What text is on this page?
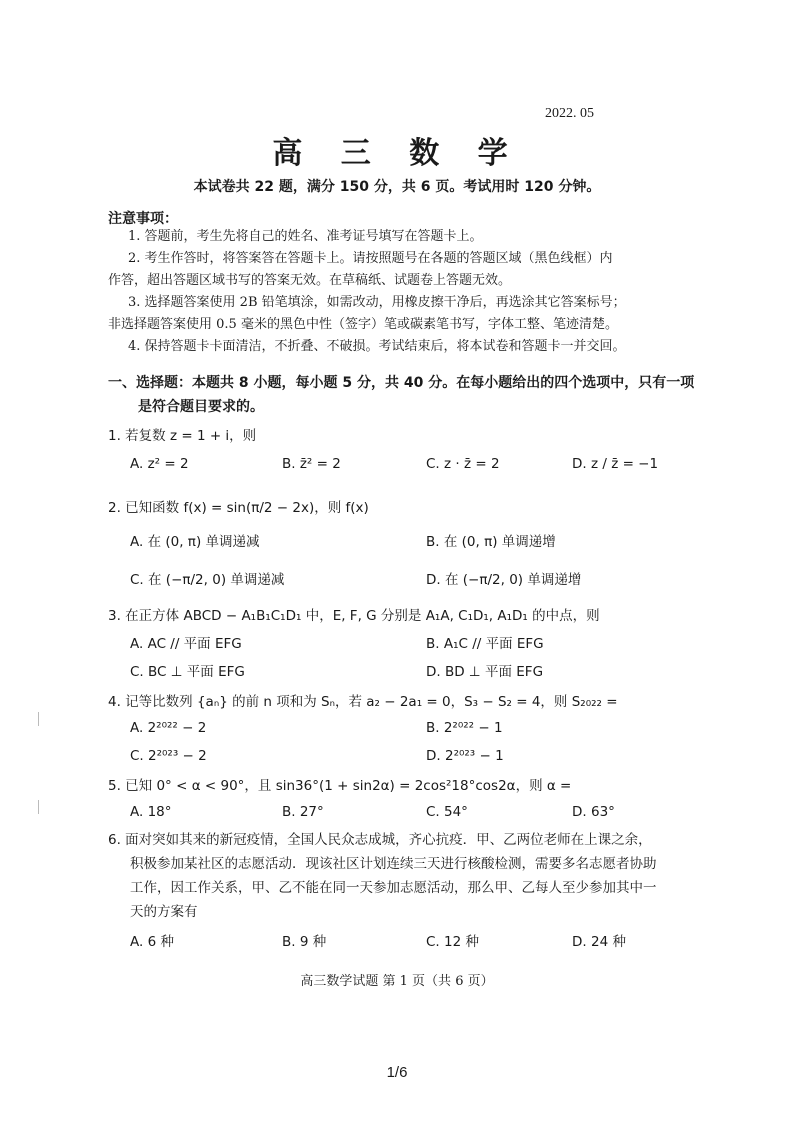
2022. 05
高 三 数 学
本试卷共 22 题，满分 150 分，共 6 页。考试用时 120 分钟。
注意事项：
1. 答题前，考生先将自己的姓名、准考证号填写在答题卡上。
2. 考生作答时，将答案答在答题卡上。请按照题号在各题的答题区域（黑色线框）内
作答，超出答题区域书写的答案无效。在草稿纸、试题卷上答题无效。
3. 选择题答案使用 2B 铅笔填涂，如需改动，用橡皮擦干净后，再选涂其它答案标号；
非选择题答案使用 0.5 毫米的黑色中性（签字）笔或碳素笔书写，字体工整、笔迹清楚。
4. 保持答题卡卡面清洁，不折叠、不破损。考试结束后，将本试卷和答题卡一并交回。
一、选择题：本题共 8 小题，每小题 5 分，共 40 分。在每小题给出的四个选项中，只有一项
是符合题目要求的。
1. 若复数 z = 1 + i，则
A. z² = 2	B. z̄² = 2	C. z · z̄ = 2	D. z / z̄ = −1
2. 已知函数 f(x) = sin(π/2 − 2x)，则 f(x)
A. 在 (0, π) 单调递减	B. 在 (0, π) 单调递增
C. 在 (−π/2, 0) 单调递减	D. 在 (−π/2, 0) 单调递增
3. 在正方体 ABCD − A₁B₁C₁D₁ 中，E, F, G 分别是 A₁A, C₁D₁, A₁D₁ 的中点，则
A. AC // 平面 EFG	B. A₁C // 平面 EFG
C. BC ⊥ 平面 EFG	D. BD ⊥ 平面 EFG
4. 记等比数列 {aₙ} 的前 n 项和为 Sₙ，若 a₂ − 2a₁ = 0，S₃ − S₂ = 4，则 S₂₀₂₂ =
A. 2²⁰²² − 2	B. 2²⁰²² − 1
C. 2²⁰²³ − 2	D. 2²⁰²³ − 1
5. 已知 0° < α < 90°，且 sin36°(1 + sin2α) = 2cos²18°cos2α，则 α =
A. 18°	B. 27°	C. 54°	D. 63°
6. 面对突如其来的新冠疫情，全国人民众志成城，齐心抗疫．甲、乙两位老师在上课之余，
积极参加某社区的志愿活动．现该社区计划连续三天进行核酸检测，需要多名志愿者协助
工作，因工作关系，甲、乙不能在同一天参加志愿活动，那么甲、乙每人至少参加其中一
天的方案有
A. 6 种	B. 9 种	C. 12 种	D. 24 种
高三数学试题 第 1 页（共 6 页）
1/6
